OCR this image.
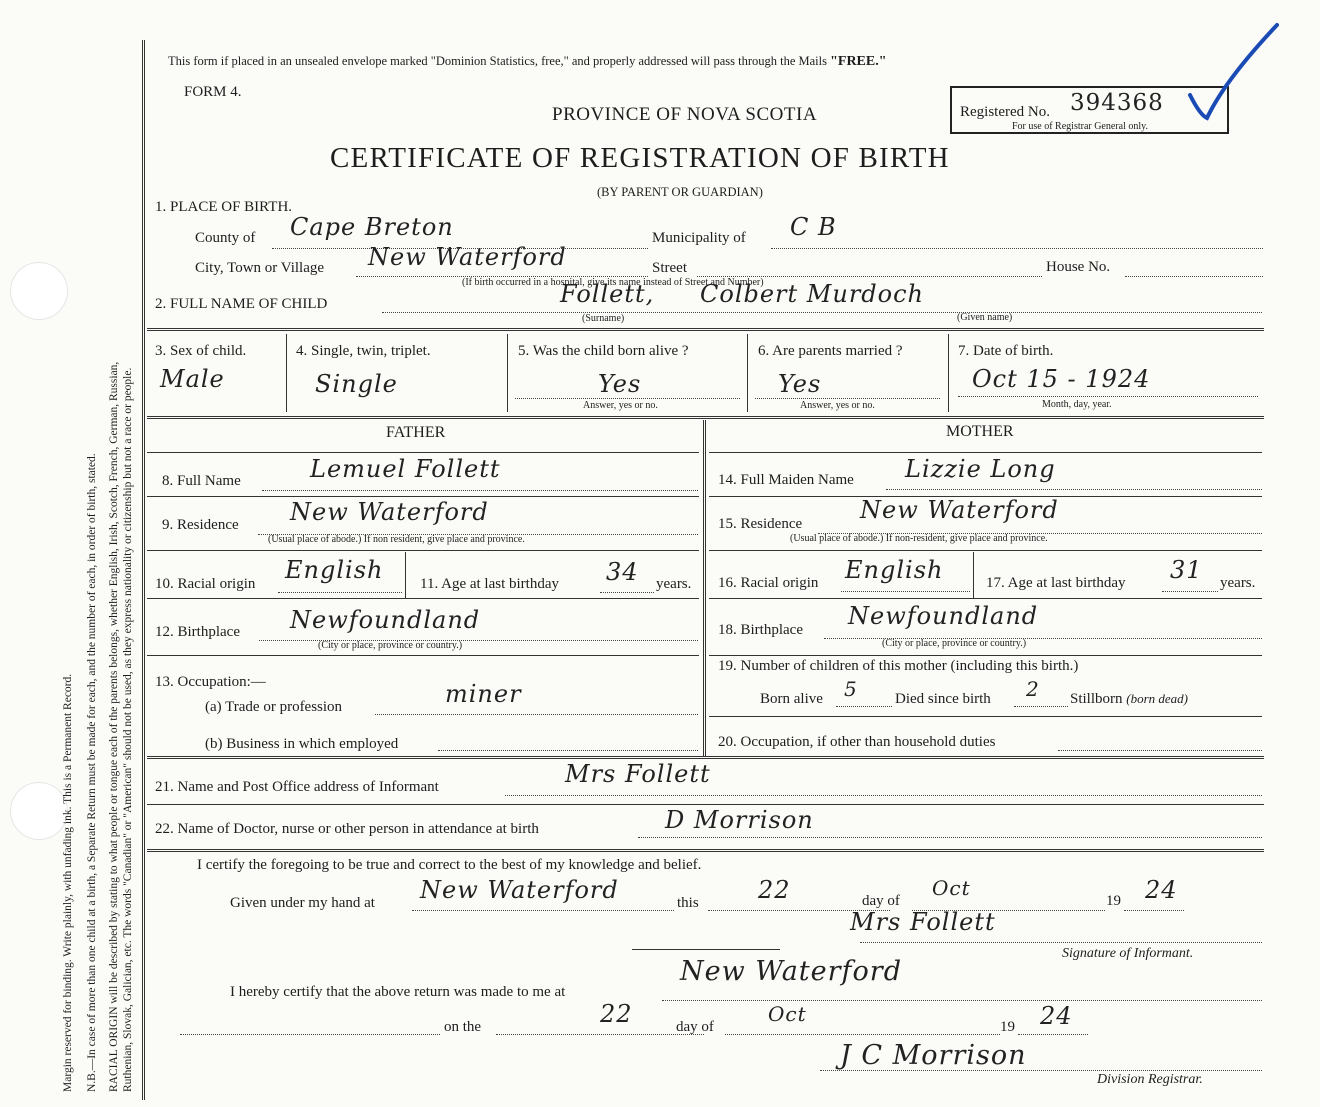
Margin reserved for binding. Write plainly, with unfading ink. This is a Permanent Record. N.B.—In case of more than one child at a birth, a Separate Return must be made for each, and the number of each, in order of birth, stated. RACIAL ORIGIN will be described by stating to what people or tongue each of the parents belongs, whether English, Irish, Scotch, French, German, Russian, Ruthenian, Slovak, Galician, etc. The words "Canadian" or "American" should not be used, as they express nationality or citizenship but not a race or people.
This form if placed in an unsealed envelope marked "Dominion Statistics, free," and properly addressed will pass through the Mails "FREE."
FORM 4.
PROVINCE OF NOVA SCOTIA	Registered No. 394368
For use of Registrar General only.
CERTIFICATE OF REGISTRATION OF BIRTH
(BY PARENT OR GUARDIAN)
1. PLACE OF BIRTH.
County of Cape Breton	Municipality of C B
City, Town or Village New Waterford	Street	House No.
(If birth occurred in a hospital, give its name instead of Street and Number)
2. FULL NAME OF CHILD	Follett, Colbert Murdoch
(Surname)	(Given name)
3. Sex of child.
Male
4. Single, twin, triplet.
Single
5. Was the child born alive ?
Yes
Answer, yes or no.
6. Are parents married ?
Yes
Answer, yes or no.
7. Date of birth.
Oct 15 - 1924
Month, day, year.
FATHER	MOTHER
8. Full Name	Lemuel Follett
9. Residence New Waterford
(Usual place of abode.) If non resident, give place and province.
10. Racial origin English 11. Age at last birthday 34 years.
12. Birthplace Newfoundland
(City or place, province or country.)
13. Occupation:—
(a) Trade or profession	miner
(b) Business in which employed
14. Full Maiden Name Lizzie Long
15. Residence New Waterford
(Usual place of abode.) If non-resident, give place and province.
16. Racial origin English	17. Age at last birthday 31 years.
18. Birthplace Newfoundland
(City or place, province or country.)
19. Number of children of this mother (including this birth.)
Born alive 5 Died since birth 2 Stillborn (born dead)
20. Occupation, if other than household duties
21. Name and Post Office address of Informant	Mrs Follett
22. Name of Doctor, nurse or other person in attendance at birth	D Morrison
I certify the foregoing to be true and correct to the best of my knowledge and belief.
Given under my hand at New Waterford	this 22	day of
Oct
19 24
Mrs Follett
Signature of Informant.
New Waterford
I hereby certify that the above return was made to me at
on the	22	day of
Oct
19 24
J C Morrison
Division Registrar.
